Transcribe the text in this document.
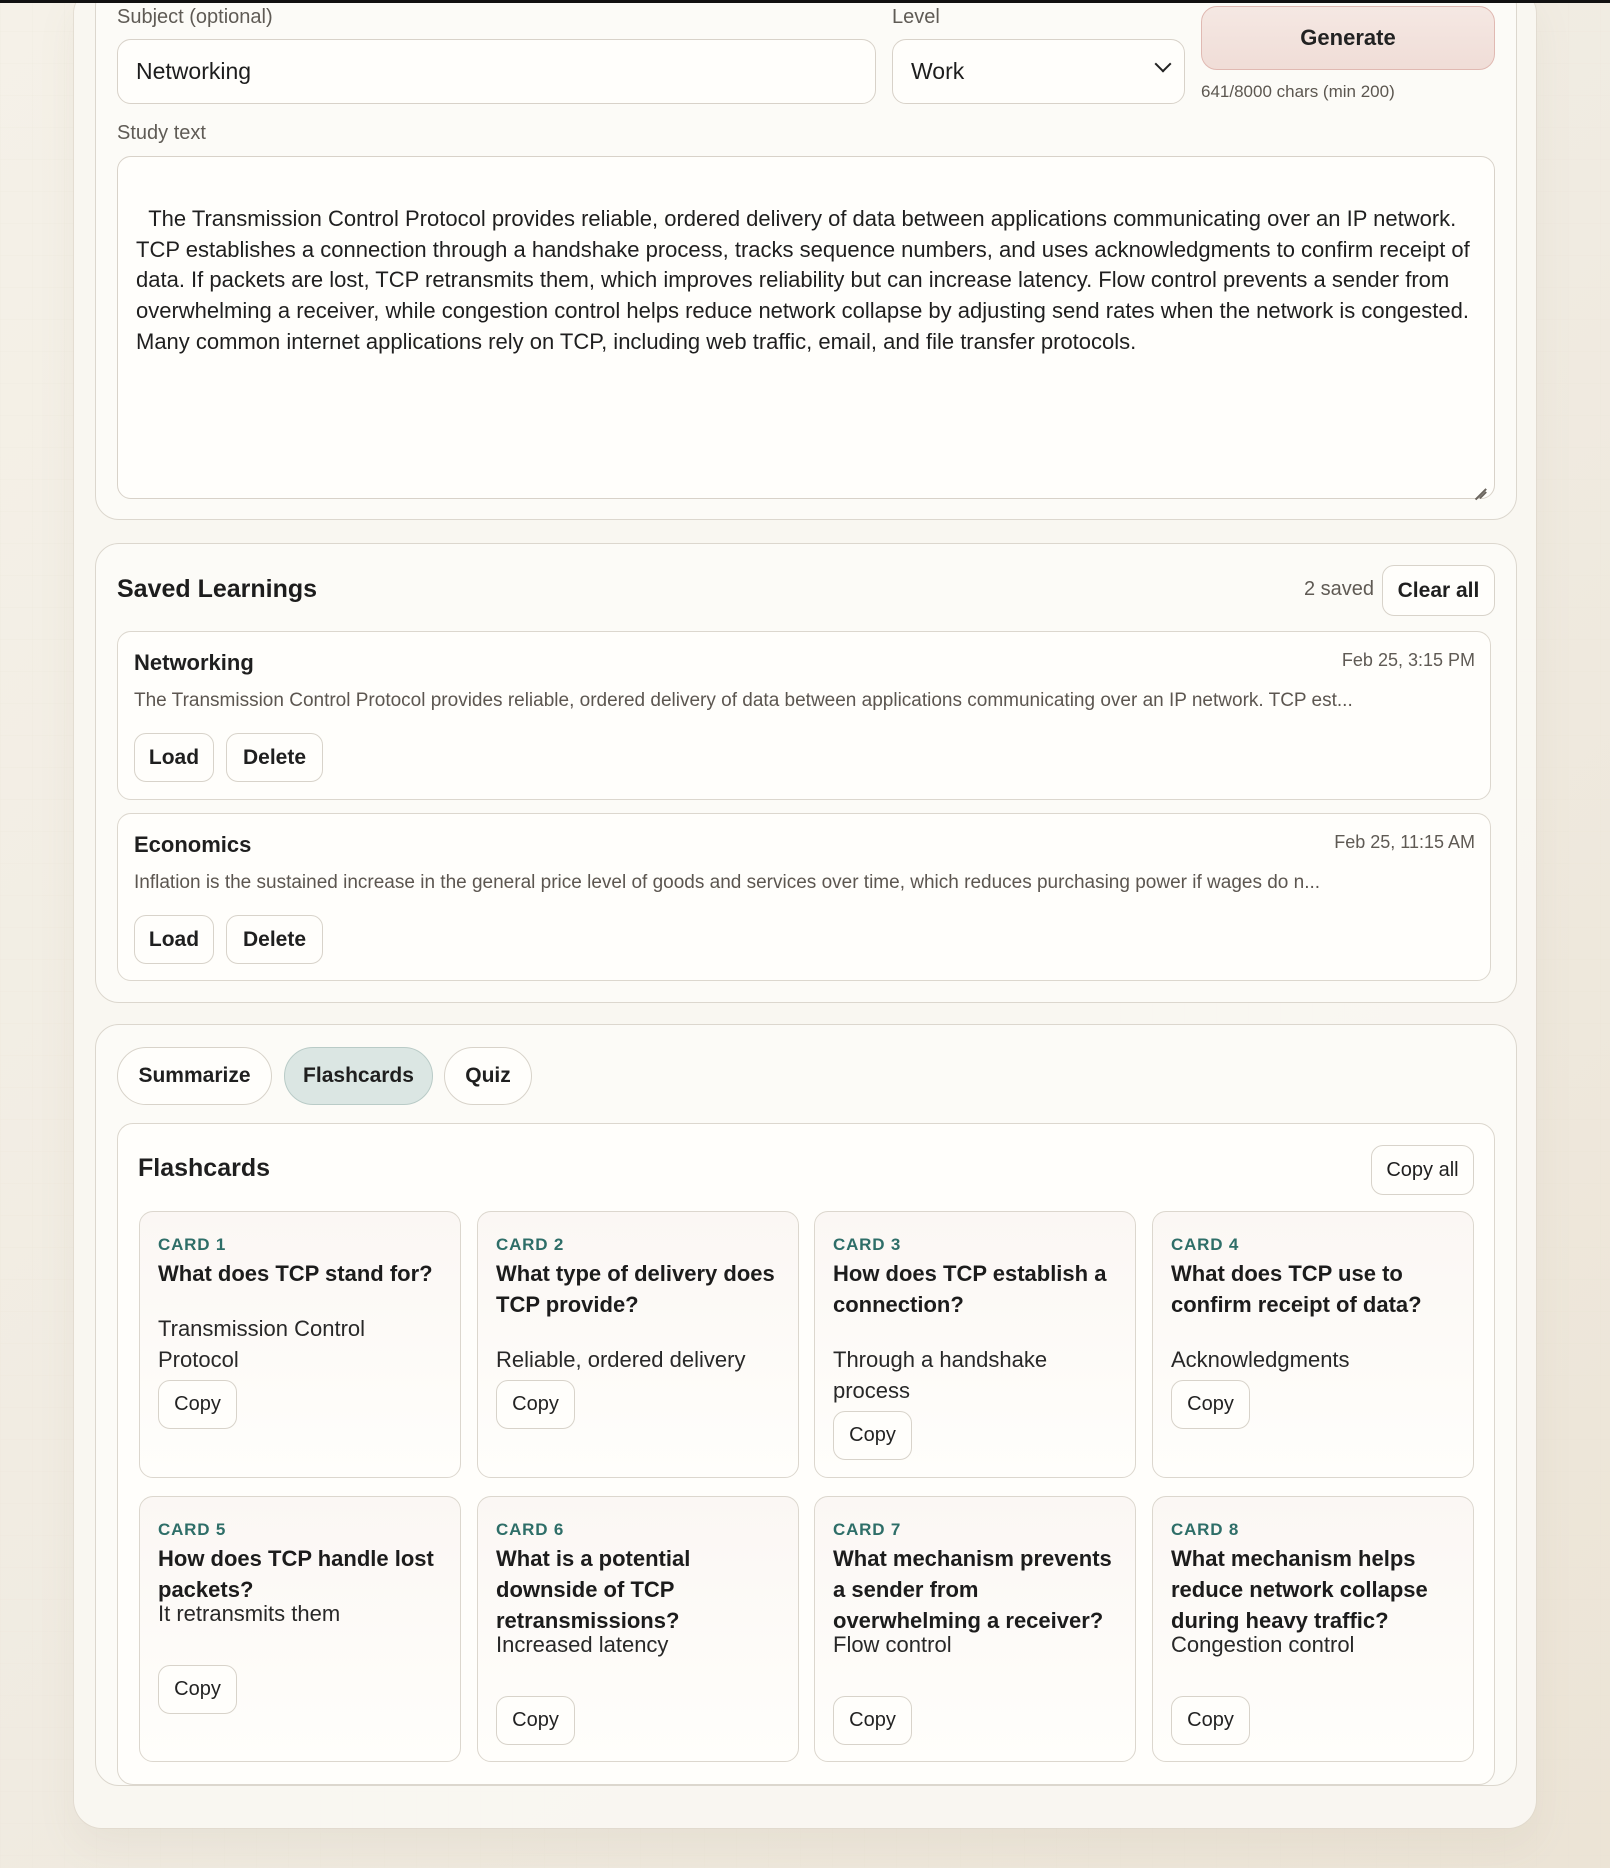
Subject (optional)
Networking
Level
Work
Generate
641/8000 chars (min 200)
Study text

The Transmission Control Protocol provides reliable, ordered delivery of data between applications communicating over an IP network. TCP establishes a connection through a handshake process, tracks sequence numbers, and uses acknowledgments to confirm receipt of data. If packets are lost, TCP retransmits them, which improves reliability but can increase latency. Flow control prevents a sender from overwhelming a receiver, while congestion control helps reduce network collapse by adjusting send rates when the network is congested. Many common internet applications rely on TCP, including web traffic, email, and file transfer protocols.

Saved Learnings	2 saved	Clear all
Networking	Feb 25, 3:15 PM
The Transmission Control Protocol provides reliable, ordered delivery of data between applications communicating over an IP network. TCP est...
Load	Delete
Economics	Feb 25, 11:15 AM
Inflation is the sustained increase in the general price level of goods and services over time, which reduces purchasing power if wages do n...
Load	Delete
Summarize	Flashcards	Quiz
Flashcards	Copy all
CARD 1
What does TCP stand for?
Transmission Control Protocol
Copy
CARD 2
What type of delivery does TCP provide?
Reliable, ordered delivery
Copy
CARD 3
How does TCP establish a connection?
Through a handshake process
Copy
CARD 4
What does TCP use to confirm receipt of data?
Acknowledgments
Copy
CARD 5
How does TCP handle lost packets?
It retransmits them
Copy
CARD 6
What is a potential downside of TCP retransmissions?
Increased latency
Copy
CARD 7
What mechanism prevents a sender from overwhelming a receiver?
Flow control
Copy
CARD 8
What mechanism helps reduce network collapse during heavy traffic?
Congestion control
Copy
